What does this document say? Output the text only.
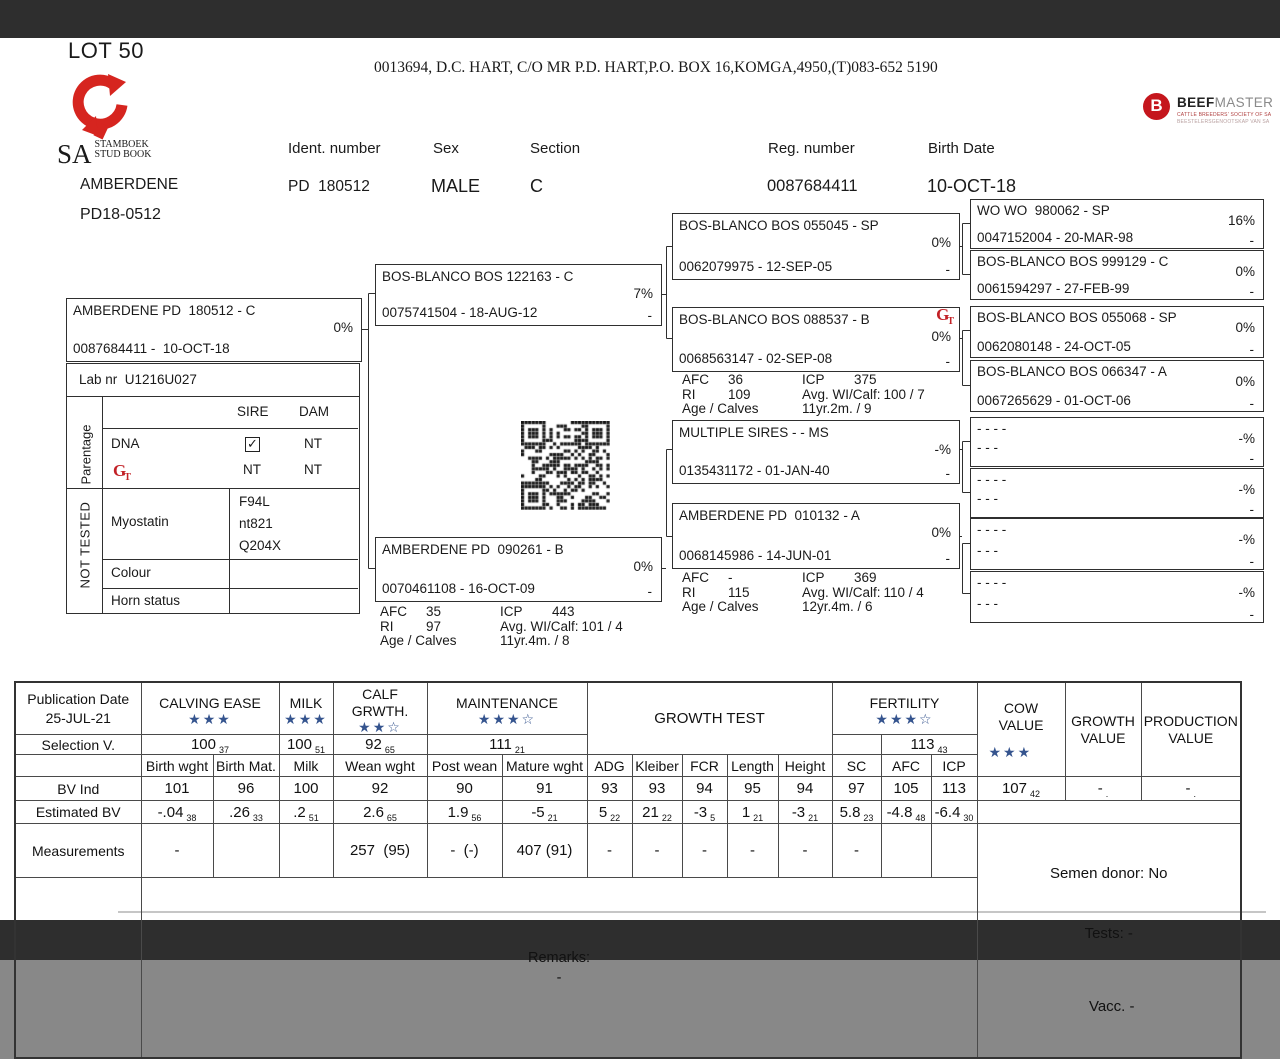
LOT 50
0013694, D.C. HART, C/O MR P.D. HART,P.O. BOX 16,KOMGA,4950,(T)083-652 5190
SA STAMBOEK
STUD BOOK
B	BEEFMASTER
CATTLE BREEDERS' SOCIETY OF SA
BEESTELERSGENOOTSKAP VAN SA
AMBERDENE
PD18-0512
Ident. number	Sex	Section	Reg. number	Birth Date
PD  180512	MALE	C	0087684411	10-OCT-18
AMBERDENE PD  180512 - C
0%
0087684411 -  10-OCT-18
BOS-BLANCO BOS 122163 - C
7%
0075741504 - 18-AUG-12	-
AMBERDENE PD  090261 - B
0%
0070461108 - 16-OCT-09	-
AFC 35	ICP 443
RI 97	Avg. WI/Calf: 101 / 4
Age / Calves	11yr.4m. / 8
BOS-BLANCO BOS 055045 - SP
0%
0062079975 - 12-SEP-05	-
BOS-BLANCO BOS 088537 - B	$G_T$
0%
0068563147 - 02-SEP-08	-
MULTIPLE SIRES - - MS
-%
0135431172 - 01-JAN-40	-
AMBERDENE PD  010132 - A
0%
0068145986 - 14-JUN-01	-
AFC 36	ICP 375
RI 109	Avg. WI/Calf: 100 / 7
Age / Calves	11yr.2m. / 9
AFC -	ICP 369
RI 115	Avg. WI/Calf: 110 / 4
Age / Calves	12yr.4m. / 6
WO WO  980062 - SP
16%
0047152004 - 20-MAR-98	-
BOS-BLANCO BOS 999129 - C
0%
0061594297 - 27-FEB-99	-
BOS-BLANCO BOS 055068 - SP
0%
0062080148 - 24-OCT-05	-
BOS-BLANCO BOS 066347 - A
0%
0067265629 - 01-OCT-06	-
- - - -
-%
- - -
-
- - - -
-%
- - -
-
- - - -
-%
- - -
-
- - - -
-%
- - -
-
Lab nr  U1216U027
Parentage
NOT TESTED
SIRE DAM
DNA	✓	NT
$G_T$
NT	NT
Myostatin
F94L
nt821
Q204X
Colour
Horn status
Publication Date
25-JUL-21

CALVING EASE
★★★

MILK
★★★

CALF GRWTH.
★★☆

MAINTENANCE
★★★☆	GROWTH TEST	
FERTILITY
★★★☆

COW
VALUE
★★★

GROWTH
VALUE

PRODUCTION
VALUE

Selection V.	100 $_{37}$		100 $_{51}$	92 $_{65}$	111 $_{21}$								113 $_{43}$
	Birth wght	Birth Mat.	Milk	Wean wght	Post wean	Mature wght	ADG	Kleiber	FCR	Length	Height	SC	AFC	ICP			
BV Ind	101	96	100	92	90	91	93	93	94	95	94	97	105	113	107 $_{42}$	- $_.$	- $_.$
Estimated BV	-.04 $_{38}$	.26 $_{33}$	.2 $_{51}$	2.6 $_{65}$	1.9 $_{56}$	-5 $_{21}$	5 $_{22}$	21 $_{22}$	-3 $_5$	1 $_{21}$	-3 $_{21}$	5.8 $_{23}$	-4.8 $_{48}$	-6.4 $_{30}$	
Measurements	-			257  (95)	-  (-)	407 (91)	-	-	-	-	-	-			Semen donor: No

Tests: -

Vacc. -		

	Remarks:
-																
